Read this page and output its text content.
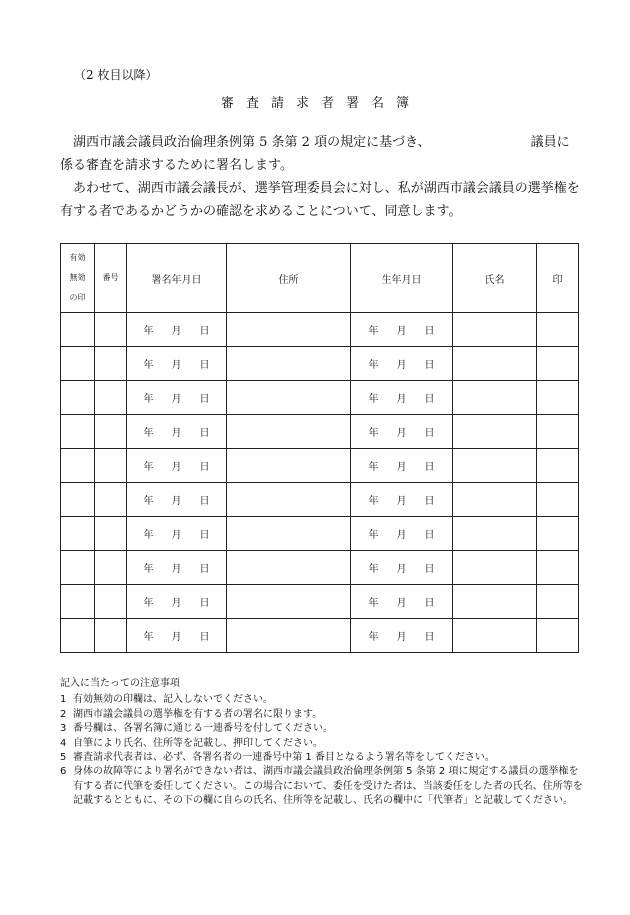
（2 枚目以降）
審査請求者署名簿
湖西市議会議員政治倫理条例第 5 条第 2 項の規定に基づき、	議員に係る審査を請求するために署名します。
あわせて、湖西市議会議長が、選挙管理委員会に対し、私が湖西市議会議員の選挙権を有する者であるかどうかの確認を求めることについて、同意します。
有効
無効
の印	番号	署名年月日	住所	生年月日	氏名	印

		年 月 日		年 月 日		

		年 月 日		年 月 日		

		年 月 日		年 月 日		

		年 月 日		年 月 日		

		年 月 日		年 月 日		

		年 月 日		年 月 日		

		年 月 日		年 月 日		

		年 月 日		年 月 日		

		年 月 日		年 月 日		

		年 月 日		年 月 日		

記入に当たっての注意事項
1 有効無効の印欄は、記入しないでください。
2 湖西市議会議員の選挙権を有する者の署名に限ります。
3 番号欄は、各署名簿に通じる一連番号を付してください。
4 自筆により氏名、住所等を記載し、押印してください。
5 審査請求代表者は、必ず、各署名者の一連番号中第 1 番目となるよう署名等をしてください。
6 身体の故障等により署名ができない者は、湖西市議会議員政治倫理条例第 5 条第 2 項に規定する議員の選挙権を有する者に代筆を委任してください。この場合において、委任を受けた者は、当該委任をした者の氏名、住所等を記載するとともに、その下の欄に自らの氏名、住所等を記載し、氏名の欄中に「代筆者」と記載してください。
